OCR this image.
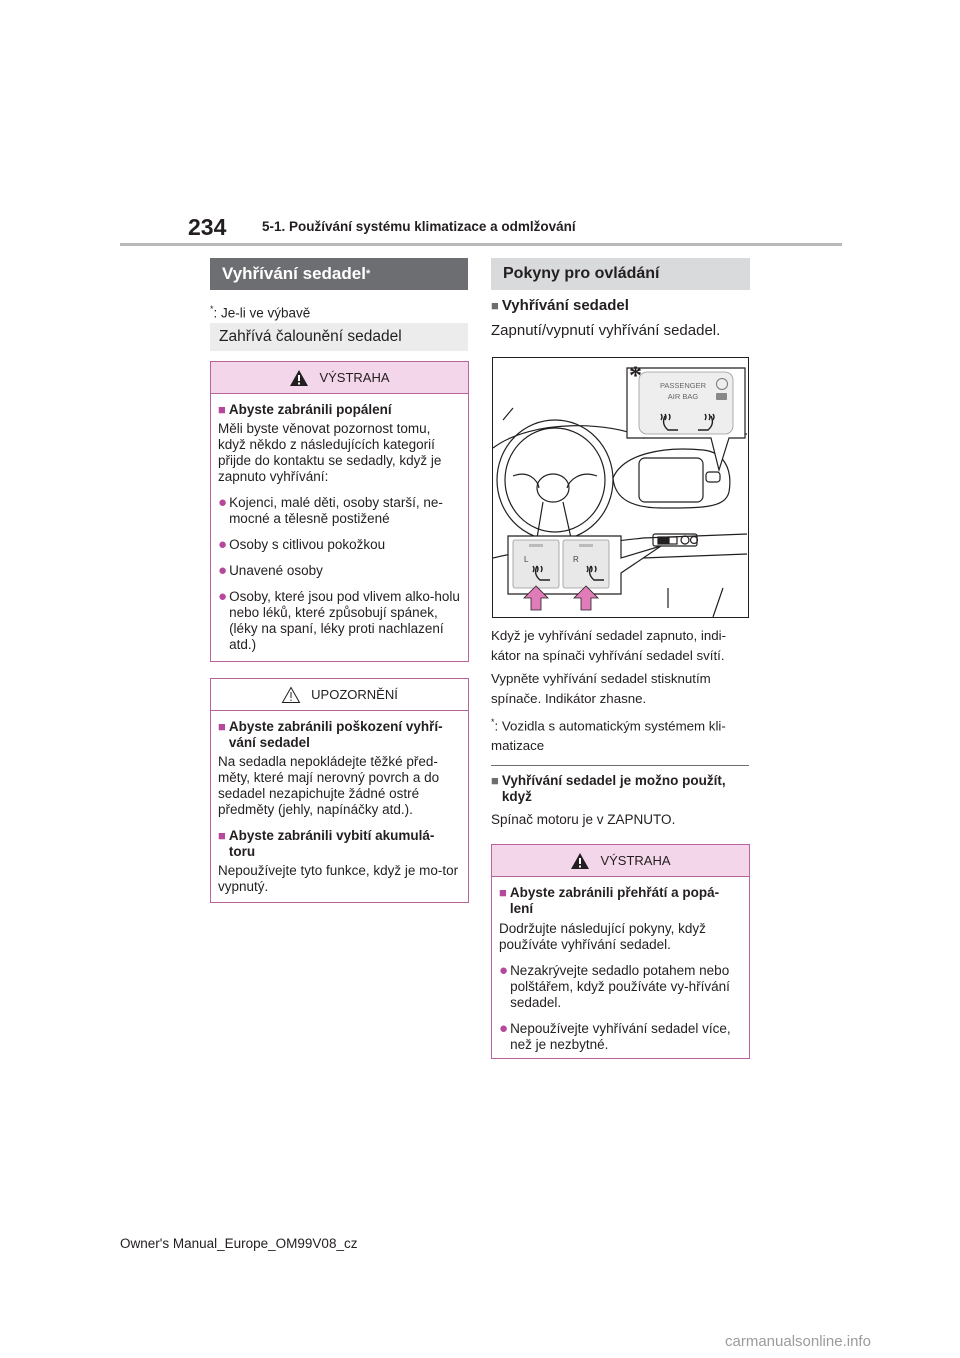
234	5-1. Používání systému klimatizace a odmlžování
Vyhřívání sedadel *
*: Je-li ve výbavě
Zahřívá čalounění sedadel
VÝSTRAHA
■ Abyste zabránili popálení
Měli byste věnovat pozornost tomu, když někdo z následujících kategorií přijde do kontaktu se sedadly, když je zapnuto vyhřívání:
● Kojenci, malé děti, osoby starší, ne-mocné a tělesně postižené
● Osoby s citlivou pokožkou
● Unavené osoby
● Osoby, které jsou pod vlivem alko-holu nebo léků, které způsobují spánek, (léky na spaní, léky proti nachlazení atd.)
UPOZORNĚNÍ
■ Abyste zabránili poškození vyhří-vání sedadel
Na sedadla nepokládejte těžké před-měty, které mají nerovný povrch a do sedadel nezapichujte žádné ostré předměty (jehly, napínáčky atd.).
■ Abyste zabránili vybití akumulá-toru
Nepoužívejte tyto funkce, když je mo-tor vypnutý.
Pokyny pro ovládání
■ Vyhřívání sedadel
Zapnutí/vypnutí vyhřívání sedadel.
PASSENGER
AIR BAG
*
L	R
Když je vyhřívání sedadel zapnuto, indi-kátor na spínači vyhřívání sedadel svítí.
Vypněte vyhřívání sedadel stisknutím spínače. Indikátor zhasne.
*: Vozidla s automatickým systémem kli-matizace
■ Vyhřívání sedadel je možno použít, když
Spínač motoru je v ZAPNUTO.
VÝSTRAHA
■ Abyste zabránili přehřátí a popá-lení
Dodržujte následující pokyny, když používáte vyhřívání sedadel.
● Nezakrývejte sedadlo potahem nebo polštářem, když používáte vy-hřívání sedadel.
● Nepoužívejte vyhřívání sedadel více, než je nezbytné.
Owner's Manual_Europe_OM99V08_cz
carmanualsonline.info
